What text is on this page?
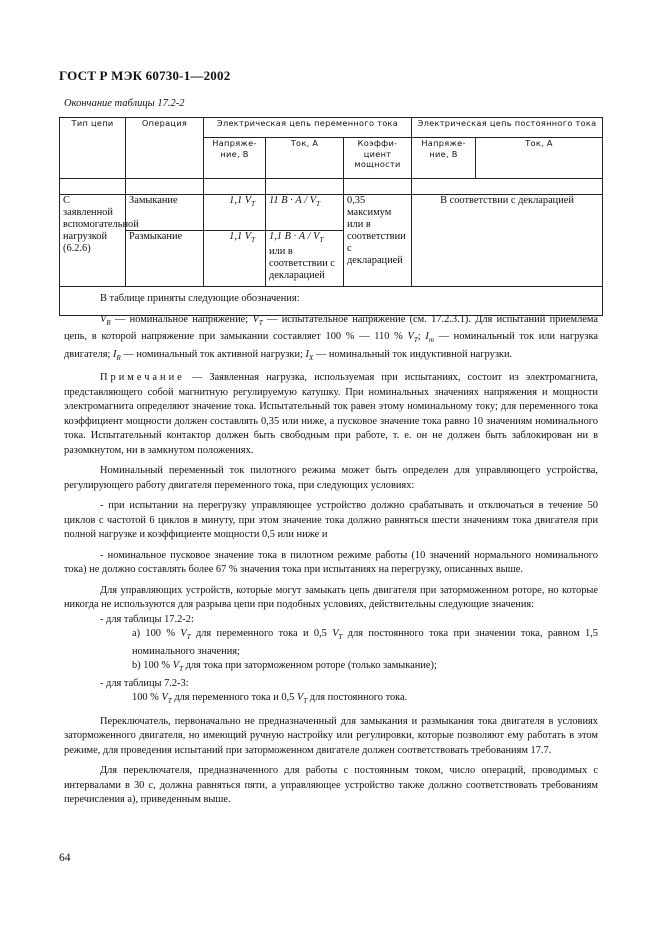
ГОСТ Р МЭК 60730-1—2002
Окончание таблицы 17.2-2
Тип цепи	Операция	Электрическая цепь переменного тока			Электрическая цепь постоянного тока	
		Напряже-ние, В	Ток, А	Коэффи-циент мощности	Напряже-ние, В	Ток, А

С заявленной вспомогательной нагрузкой (6.2.6)	Замыкание	1,1 $V_T$	11 $В \cdot А / V_T$	0,35 максимум или в соответствии с декларацией	В соответствии с декларацией	
	Размыкание	1,1 $V_T$	1,1 $В \cdot А / V_T$ или в соответствии с декларацией			

В таблице приняты следующие обозначения:

$V_R$ — номинальное напряжение; $V_T$ — испытательное напряжение (см. 17.2.3.1). Для испытаний приемлема цепь, в которой напряжение при замыкании составляет 100 % — 110 % $V_T$; $I_m$ — номинальный ток или нагрузка двигателя; $I_R$ — номинальный ток активной нагрузки; $I_X$ — номинальный ток индуктивной нагрузки.

Примечание — Заявленная нагрузка, используемая при испытаниях, состоит из электромагнита, представляющего собой магнитную регулируемую катушку. При номинальных значениях напряжения и мощности электромагнита определяют значение тока. Испытательный ток равен этому номинальному току; для переменного тока коэффициент мощности должен составлять 0,35 или ниже, а пусковое значение тока равно 10 значениям номинального тока. Испытательный контактор должен быть свободным при работе, т. е. он не должен быть заблокирован ни в разомкнутом, ни в замкнутом положениях.

Номинальный переменный ток пилотного режима может быть определен для управляющего устройства, регулирующего работу двигателя переменного тока, при следующих условиях:

- при испытании на перегрузку управляющее устройство должно срабатывать и отключаться в течение 50 циклов с частотой 6 циклов в минуту, при этом значение тока должно равняться шести значениям тока двигателя при полной нагрузке и коэффициенте мощности 0,5 или ниже и

- номинальное пусковое значение тока в пилотном режиме работы (10 значений нормального номинального тока) не должно составлять более 67 % значения тока при испытаниях на перегрузку, описанных выше.

Для управляющих устройств, которые могут замыкать цепь двигателя при заторможенном роторе, но которые никогда не используются для разрыва цепи при подобных условиях, действительны следующие значения:

- для таблицы 17.2-2:

а) 100 % $V_T$ для переменного тока и 0,5 $V_T$ для постоянного тока при значении тока, равном 1,5 номинального значения;

b) 100 % $V_T$ для тока при заторможенном роторе (только замыкание);

- для таблицы 7.2-3:

100 % $V_T$ для переменного тока и 0,5 $V_T$ для постоянного тока.

Переключатель, первоначально не предназначенный для замыкания и размыкания тока двигателя в условиях заторможенного двигателя, но имеющий ручную настройку или регулировки, которые позволяют ему работать в этом режиме, для проведения испытаний при заторможенном двигателе должен соответствовать требованиям 17.7.

Для переключателя, предназначенного для работы с постоянным током, число операций, проводимых с интервалами в 30 с, должна равняться пяти, а управляющее устройство также должно соответствовать требованиям перечисления а), приведенным выше.

64
